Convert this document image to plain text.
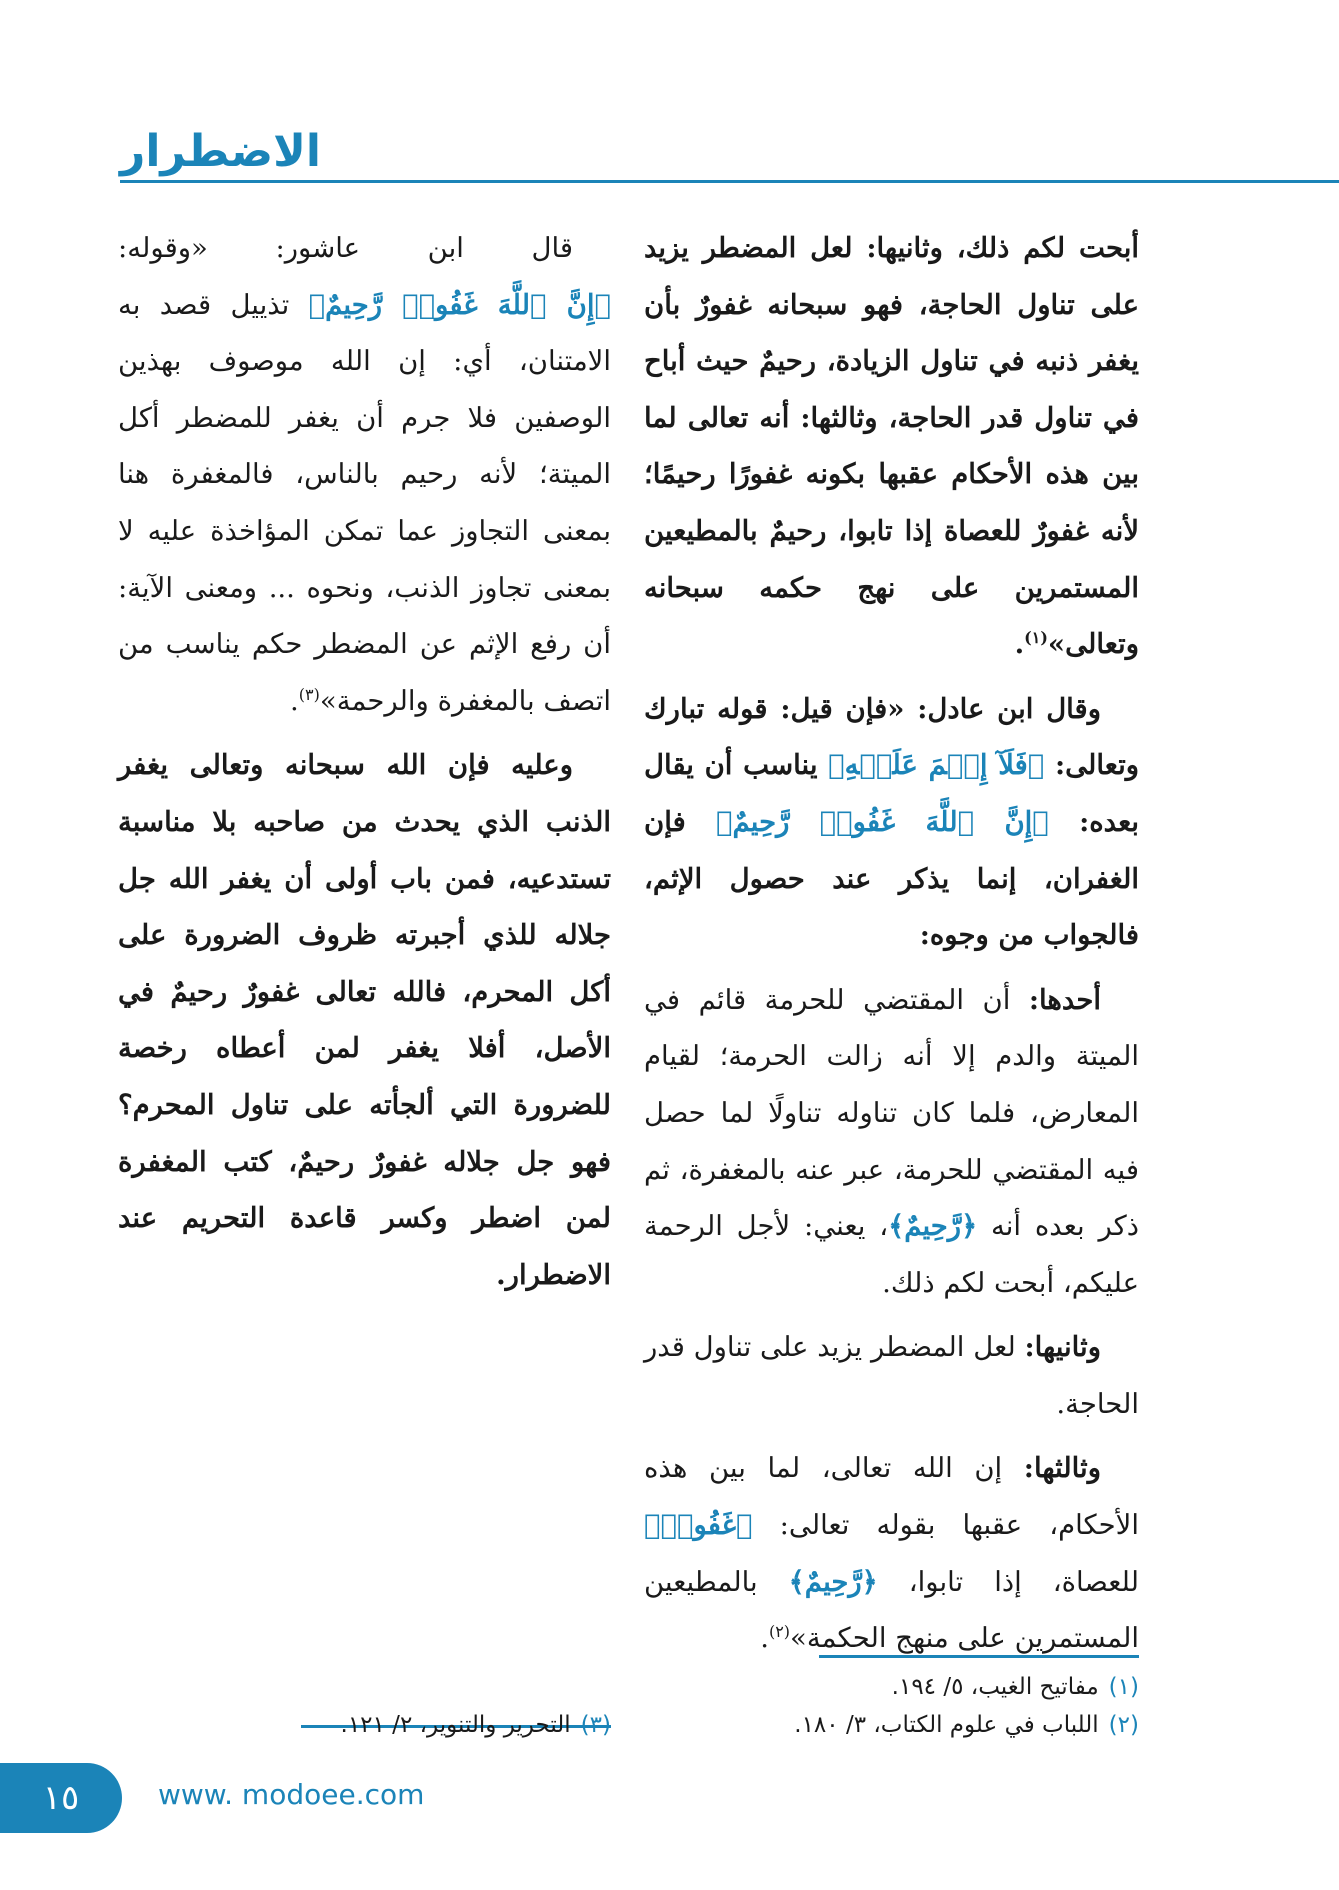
الاضطرار

أبحت لكم ذلك، وثانيها: لعل المضطر يزيد على تناول الحاجة، فهو سبحانه غفورٌ بأن يغفر ذنبه في تناول الزيادة، رحيمٌ حيث أباح في تناول قدر الحاجة، وثالثها: أنه تعالى لما بين هذه الأحكام عقبها بكونه غفورًا رحيمًا؛ لأنه غفورٌ للعصاة إذا تابوا، رحيمٌ بالمطيعين المستمرين على نهج حكمه سبحانه وتعالى»$^{(١)}$.

وقال ابن عادل: «فإن قيل: قوله تبارك وتعالى: ﴿فَلَآ إِثۡمَ عَلَيۡهِ﴾ يناسب أن يقال بعده: ﴿إِنَّ ٱللَّهَ غَفُورٞ رَّحِيمٌ﴾ فإن الغفران، إنما يذكر عند حصول الإثم، فالجواب من وجوه:

أحدها: أن المقتضي للحرمة قائم في الميتة والدم إلا أنه زالت الحرمة؛ لقيام المعارض، فلما كان تناوله تناولًا لما حصل فيه المقتضي للحرمة، عبر عنه بالمغفرة، ثم ذكر بعده أنه ﴿رَّحِيمٌ﴾، يعني: لأجل الرحمة عليكم، أبحت لكم ذلك.

وثانيها: لعل المضطر يزيد على تناول قدر الحاجة.

وثالثها: إن الله تعالى، لما بين هذه الأحكام، عقبها بقوله تعالى: ﴿غَفُورٞ﴾ للعصاة، إذا تابوا، ﴿رَّحِيمٌ﴾ بالمطيعين المستمرين على منهج الحكمة»$^{(٢)}$.

قال ابن عاشور: «وقوله: ﴿إِنَّ ٱللَّهَ غَفُورٞ رَّحِيمٌ﴾ تذييل قصد به الامتنان، أي: إن الله موصوف بهذين الوصفين فلا جرم أن يغفر للمضطر أكل الميتة؛ لأنه رحيم بالناس، فالمغفرة هنا بمعنى التجاوز عما تمكن المؤاخذة عليه لا بمعنى تجاوز الذنب، ونحوه ... ومعنى الآية: أن رفع الإثم عن المضطر حكم يناسب من اتصف بالمغفرة والرحمة»$^{(٣)}$.

وعليه فإن الله سبحانه وتعالى يغفر الذنب الذي يحدث من صاحبه بلا مناسبة تستدعيه، فمن باب أولى أن يغفر الله جل جلاله للذي أجبرته ظروف الضرورة على أكل المحرم، فالله تعالى غفورٌ رحيمٌ في الأصل، أفلا يغفر لمن أعطاه رخصة للضرورة التي ألجأته على تناول المحرم؟ فهو جل جلاله غفورٌ رحيمٌ، كتب المغفرة لمن اضطر وكسر قاعدة التحريم عند الاضطرار.

(١)مفاتيح الغيب، ٥/ ١٩٤.
(٢)اللباب في علوم الكتاب، ٣/ ١٨٠.
(٣)التحرير والتنوير، ٢/ ١٢١.
١٥	www. modoee.com
